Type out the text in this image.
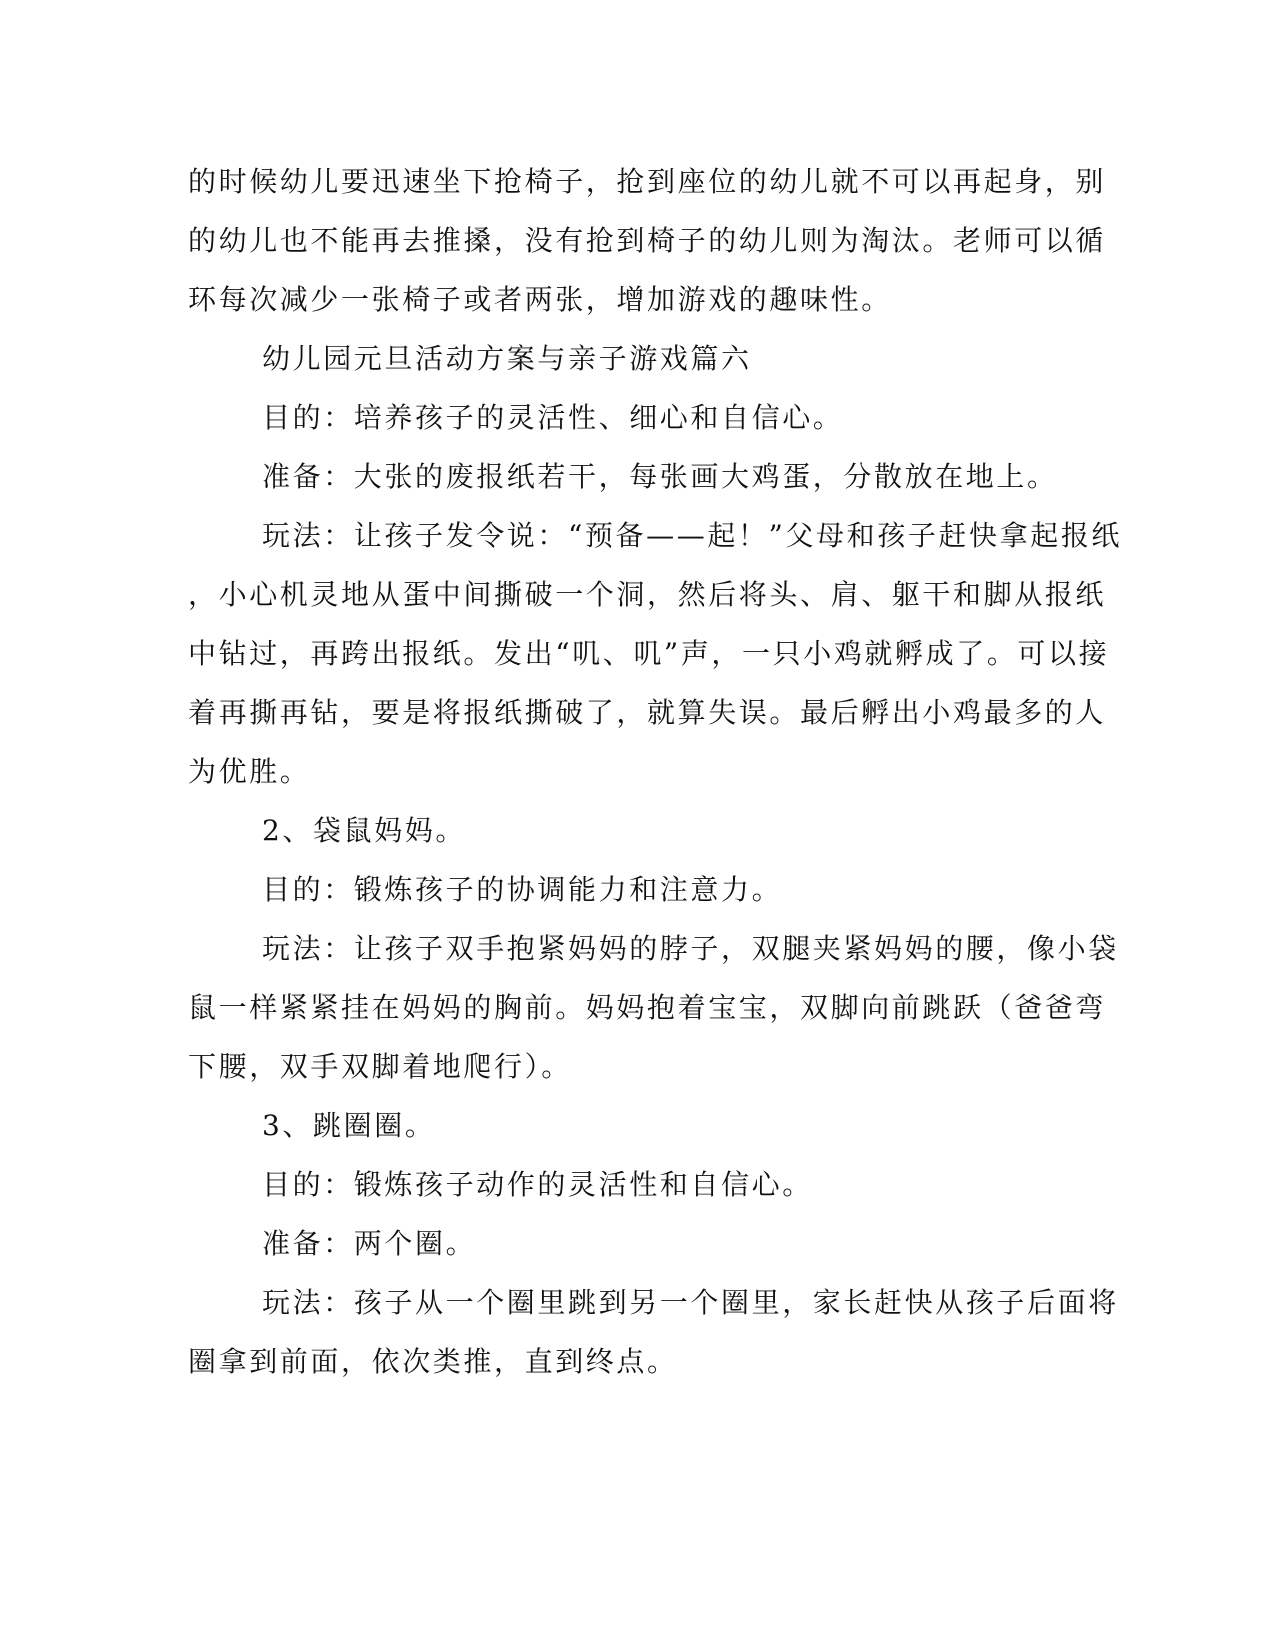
的时候幼儿要迅速坐下抢椅子，抢到座位的幼儿就不可以再起身，别
的幼儿也不能再去推搡，没有抢到椅子的幼儿则为淘汰。老师可以循
环每次减少一张椅子或者两张，增加游戏的趣味性。
幼儿园元旦活动方案与亲子游戏篇六
目的：培养孩子的灵活性、细心和自信心。
准备：大张的废报纸若干，每张画大鸡蛋，分散放在地上。
玩法：让孩子发令说：“预备——起！”父母和孩子赶快拿起报纸
，小心机灵地从蛋中间撕破一个洞，然后将头、肩、躯干和脚从报纸
中钻过，再跨出报纸。发出“叽、叽”声，一只小鸡就孵成了。可以接
着再撕再钻，要是将报纸撕破了，就算失误。最后孵出小鸡最多的人
为优胜。
2、袋鼠妈妈。
目的：锻炼孩子的协调能力和注意力。
玩法：让孩子双手抱紧妈妈的脖子，双腿夹紧妈妈的腰，像小袋
鼠一样紧紧挂在妈妈的胸前。妈妈抱着宝宝，双脚向前跳跃（爸爸弯
下腰，双手双脚着地爬行）。
3、跳圈圈。
目的：锻炼孩子动作的灵活性和自信心。
准备：两个圈。
玩法：孩子从一个圈里跳到另一个圈里，家长赶快从孩子后面将
圈拿到前面，依次类推，直到终点。
